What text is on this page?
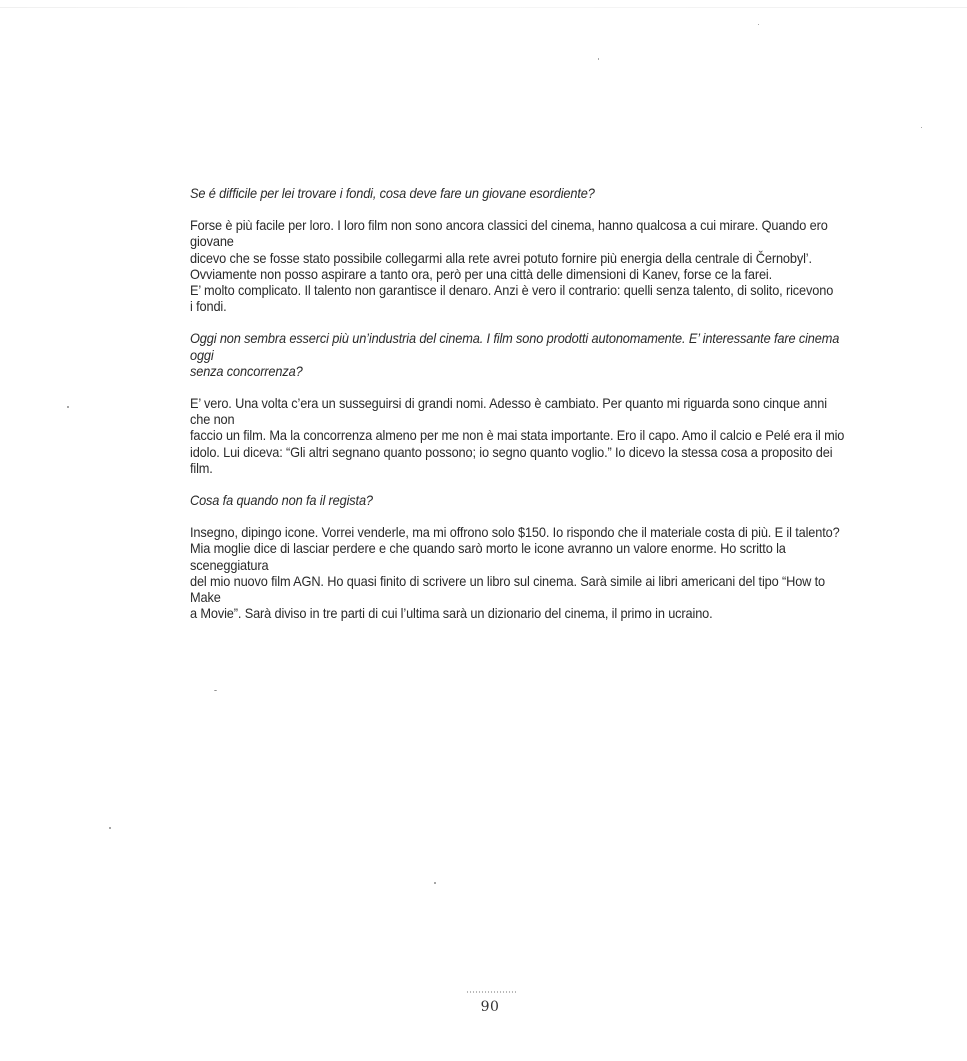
Se é difficile per lei trovare i fondi, cosa deve fare un giovane esordiente?

Forse è più facile per loro. I loro film non sono ancora classici del cinema, hanno qualcosa a cui mirare. Quando ero giovane

dicevo che se fosse stato possibile collegarmi alla rete avrei potuto fornire più energia della centrale di Černobyl’.

Ovviamente non posso aspirare a tanto ora, però per una città delle dimensioni di Kanev, forse ce la farei.

E’ molto complicato. Il talento non garantisce il denaro. Anzi è vero il contrario: quelli senza talento, di solito, ricevono

i fondi.

Oggi non sembra esserci più un’industria del cinema. I film sono prodotti autonomamente. E’ interessante fare cinema oggi

senza concorrenza?

E’ vero. Una volta c’era un susseguirsi di grandi nomi. Adesso è cambiato. Per quanto mi riguarda sono cinque anni che non

faccio un film. Ma la concorrenza almeno per me non è mai stata importante. Ero il capo. Amo il calcio e Pelé era il mio

idolo. Lui diceva: “Gli altri segnano quanto possono; io segno quanto voglio.” Io dicevo la stessa cosa a proposito dei film.

Cosa fa quando non fa il regista?

Insegno, dipingo icone. Vorrei venderle, ma mi offrono solo $150. Io rispondo che il materiale costa di più. E il talento?

Mia moglie dice di lasciar perdere e che quando sarò morto le icone avranno un valore enorme. Ho scritto la sceneggiatura

del mio nuovo film AGN. Ho quasi finito di scrivere un libro sul cinema. Sarà simile ai libri americani del tipo “How to Make

a Movie”. Sarà diviso in tre parti di cui l’ultima sarà un dizionario del cinema, il primo in ucraino.

90
